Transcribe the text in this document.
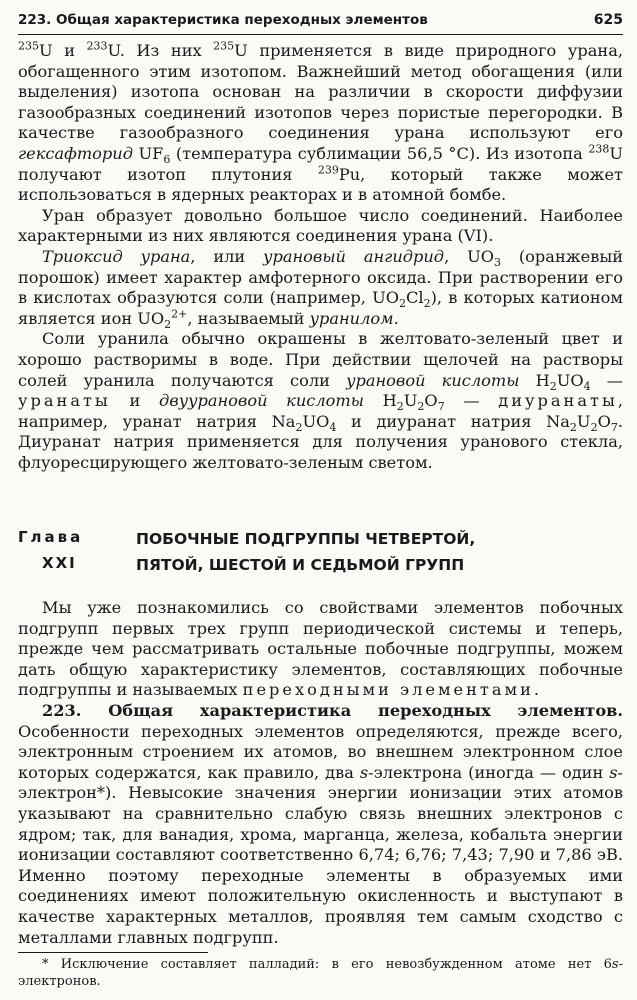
223. Общая характеристика переходных элементов	625

$^{235}$U и $^{233}$U. Из них $^{235}$U применяется в виде природного урана, обогащенного этим изотопом. Важнейший метод обогащения (или выделения) изотопа основан на различии в скорости диффузии газообразных соединений изотопов через пористые перегородки. В качестве газообразного соединения урана используют его гексафторид $UF_6$ (температура сублимации 56,5 °C). Из изотопа $^{238}$U получают изотоп плутония $^{239}$Pu, который также может использоваться в ядерных реакторах и в атомной бомбе.

Уран образует довольно большое число соединений. Наиболее характерными из них являются соединения урана (VI).

Триоксид урана, или урановый ангидрид, $UO_3$ (оранжевый порошок) имеет характер амфотерного оксида. При растворении его в кислотах образуются соли (например, $UO_2Cl_2$), в которых катионом является ион $UO_2^{2+}$, называемый уранилом.

Соли уранила обычно окрашены в желтовато-зеленый цвет и хорошо растворимы в воде. При действии щелочей на растворы солей уранила получаются соли урановой кислоты $H_2UO_4$ — уранаты и двуурановой кислоты $H_2U_2O_7$ — диуранаты, например, уранат натрия $Na_2UO_4$ и диуранат натрия $Na_2U_2O_7$. Диуранат натрия применяется для получения уранового стекла, флуоресцирующего желтовато-зеленым светом.

Глава
XXI
ПОБОЧНЫЕ ПОДГРУППЫ ЧЕТВЕРТОЙ,
ПЯТОЙ, ШЕСТОЙ И СЕДЬМОЙ ГРУПП

Мы уже познакомились со свойствами элементов побочных подгрупп первых трех групп периодической системы и теперь, прежде чем рассматривать остальные побочные подгруппы, можем дать общую характеристику элементов, составляющих побочные подгруппы и называемых переходными элементами.

223. Общая характеристика переходных элементов. Особенности переходных элементов определяются, прежде всего, электронным строением их атомов, во внешнем электронном слое которых содержатся, как правило, два s-электрона (иногда — один s-электрон*). Невысокие значения энергии ионизации этих атомов указывают на сравнительно слабую связь внешних электронов с ядром; так, для ванадия, хрома, марганца, железа, кобальта энергии ионизации составляют соответственно 6,74; 6,76; 7,43; 7,90 и 7,86 эВ. Именно поэтому переходные элементы в образуемых ими соединениях имеют положительную окисленность и выступают в качестве характерных металлов, проявляя тем самым сходство с металлами главных подгрупп.

* Исключение составляет палладий: в его невозбужденном атоме нет 6s-электронов.
